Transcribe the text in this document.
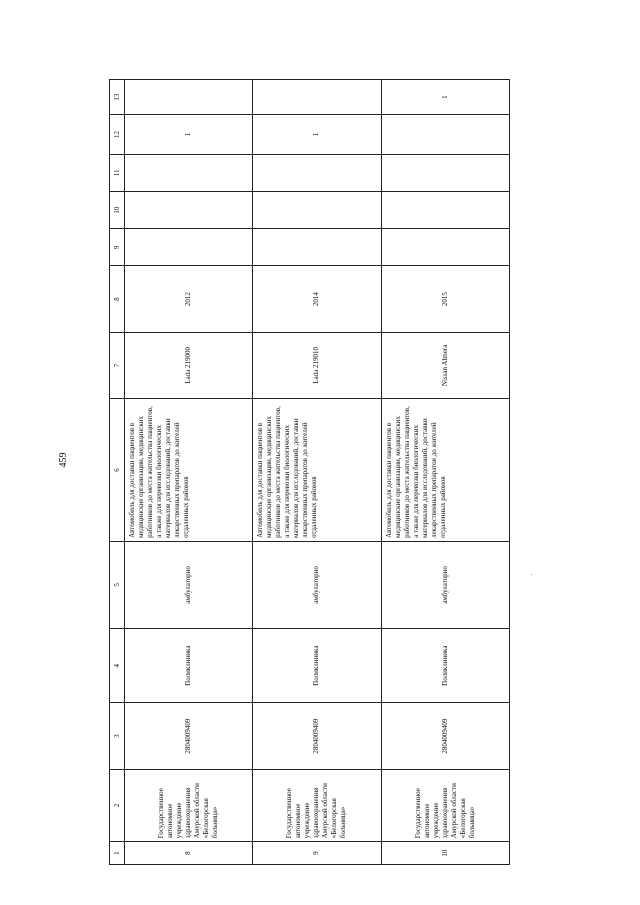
459
1	2	3	4	5	6	7	8	9	10	11	12	13
8	Государственное автономное учреждение здравоохранения Амурской области «Белогорская больница»	2804009409	Поликлиника	амбулаторно	Автомобиль для доставки пациентов в медицинские организации, медицинских работников до места жительства пациентов, а также для перевозки биологических материалов для исследований, доставки лекарственных препаратов до жителей отдаленных районов	Lada 219000	2012				1	
9	Государственное автономное учреждение здравоохранения Амурской области «Белогорская больница»	2804009409	Поликлиника	амбулаторно	Автомобиль для доставки пациентов в медицинские организации, медицинских работников до места жительства пациентов, а также для перевозки биологических материалов для исследований, доставки лекарственных препаратов до жителей отдаленных районов	Lada 219010	2014				1	
10	Государственное автономное учреждение здравоохранения Амурской области «Белогорская больница»	2804009409	Поликлиника	амбулаторно	Автомобиль для доставки пациентов в медицинские организации, медицинских работников до места жительства пациентов, а также для перевозки биологических материалов для исследований, доставки лекарственных препаратов до жителей отдаленных районов	Nissan Almera	2015					1
